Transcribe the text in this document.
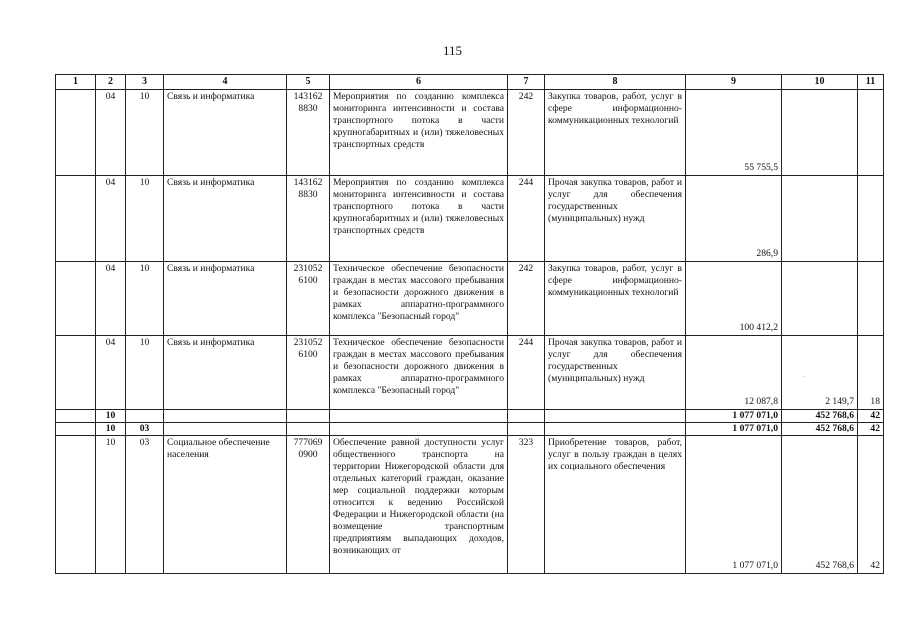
115
1	2	3	4	5	6	7	8	9	10	11
	04	10	Связь и информатика	143162 8830	Мероприятия по созданию комплекса мониторинга интенсивности и состава транспортного потока в части крупногабаритных и (или) тяжеловесных транспортных средств	242	Закупка товаров, работ, услуг в сфере информационно-коммуникационных технологий	55 755,5		
	04	10	Связь и информатика	143162 8830	Мероприятия по созданию комплекса мониторинга интенсивности и состава транспортного потока в части крупногабаритных и (или) тяжеловесных транспортных средств	244	Прочая закупка товаров, работ и услуг для обеспечения государственных (муниципальных) нужд	286,9		
	04	10	Связь и информатика	231052 6100	Техническое обеспечение безопасности граждан в местах массового пребывания и безопасности дорожного движения в рамках аппаратно-программного комплекса "Безопасный город"	242	Закупка товаров, работ, услуг в сфере информационно-коммуникационных технологий	100 412,2		
	04	10	Связь и информатика	231052 6100	Техническое обеспечение безопасности граждан в местах массового пребывания и безопасности дорожного движения в рамках аппаратно-программного комплекса "Безопасный город"	244	Прочая закупка товаров, работ и услуг для обеспечения государственных (муниципальных) нужд	12 087,8	2 149,7	18
	10							1 077 071,0	452 768,6	42
	10	03						1 077 071,0	452 768,6	42
	10	03	Социальное обеспечение населения	777069 0900	Обеспечение равной доступности услуг общественного транспорта на территории Нижегородской области для отдельных категорий граждан, оказание мер социальной поддержки которым относится к ведению Российской Федерации и Нижегородской области (на возмещение транспортным предприятиям выпадающих доходов, возникающих от	323	Приобретение товаров, работ, услуг в пользу граждан в целях их социального обеспечения	1 077 071,0	452 768,6	42
.
